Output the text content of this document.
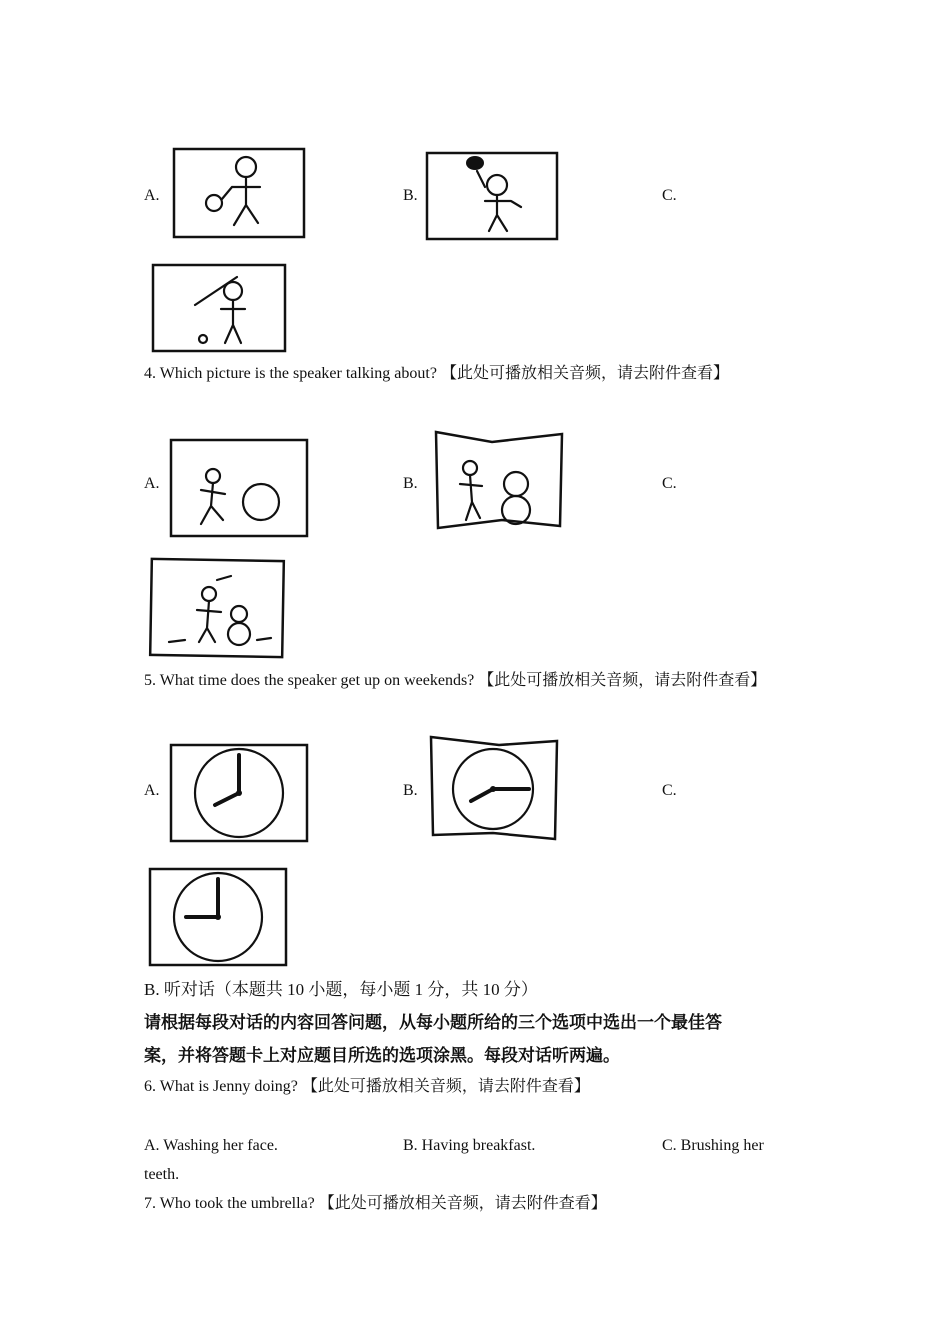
A.	B.	C.
4. Which picture is the speaker talking about? 【此处可播放相关音频，请去附件查看】
A.	B.	C.
5. What time does the speaker get up on weekends? 【此处可播放相关音频，请去附件查看】
A.	B.	C.
B. 听对话（本题共 10 小题，每小题 1 分，共 10 分）
请根据每段对话的内容回答问题，从每小题所给的三个选项中选出一个最佳答
案，并将答题卡上对应题目所选的选项涂黑。每段对话听两遍。
6. What is Jenny doing? 【此处可播放相关音频，请去附件查看】
A. Washing her face.	B. Having breakfast.	C. Brushing her
teeth.
7. Who took the umbrella? 【此处可播放相关音频，请去附件查看】
